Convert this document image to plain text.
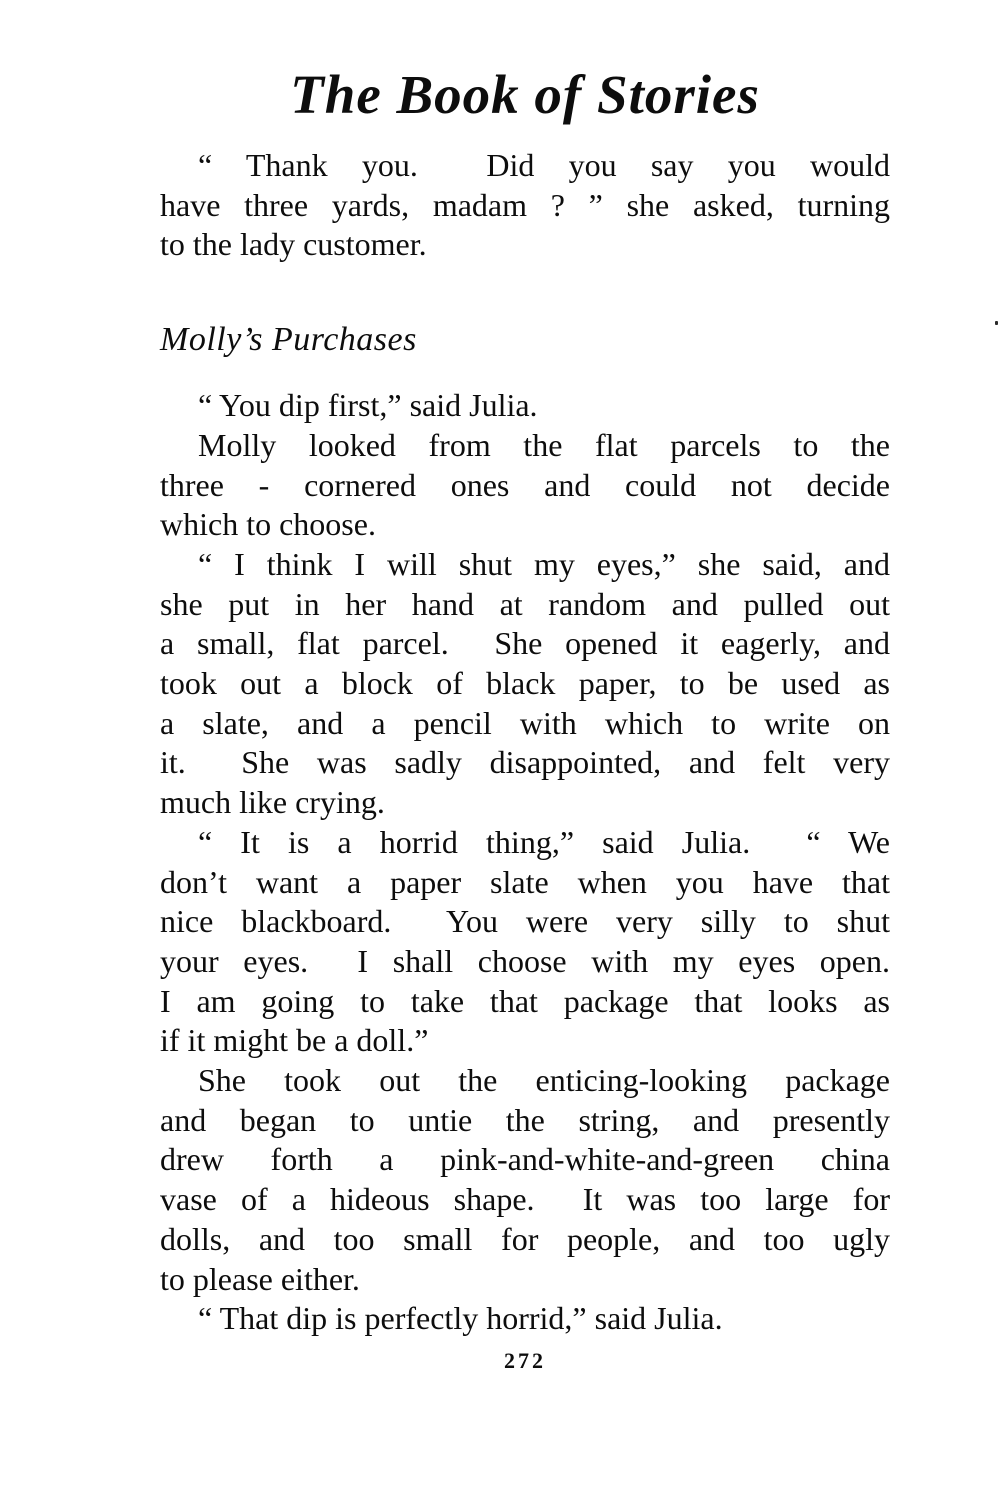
The Book of Stories
“ Thank you.  Did you say you would
have three yards, madam ? ” she asked, turning
to the lady customer.
Molly’s Purchases
“ You dip first,” said Julia.
Molly looked from the flat parcels to the
three - cornered ones and could not decide
which to choose.
“ I think I will shut my eyes,” she said, and
she put in her hand at random and pulled out
a small, flat parcel.  She opened it eagerly, and
took out a block of black paper, to be used as
a slate, and a pencil with which to write on
it.  She was sadly disappointed, and felt very
much like crying.
“ It is a horrid thing,” said Julia.  “ We
don’t want a paper slate when you have that
nice blackboard.  You were very silly to shut
your eyes.  I shall choose with my eyes open.
I am going to take that package that looks as
if it might be a doll.”
She took out the enticing-looking package
and began to untie the string, and presently
drew forth a pink-and-white-and-green china
vase of a hideous shape.  It was too large for
dolls, and too small for people, and too ugly
to please either.
“ That dip is perfectly horrid,” said Julia.
272
